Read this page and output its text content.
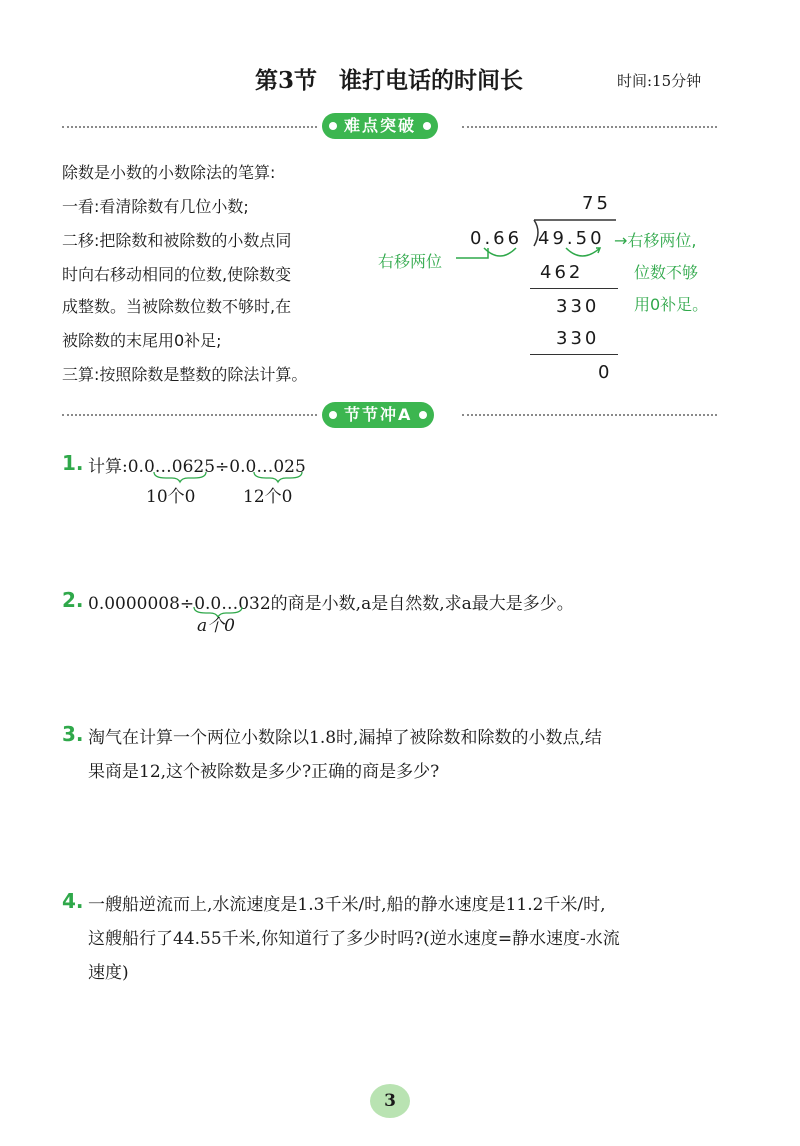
第3节 谁打电话的时间长	时间:15分钟
难点突破
除数是小数的小数除法的笔算:
一看:看清除数有几位小数;
二移:把除数和被除数的小数点同
时向右移动相同的位数,使除数变
成整数。当被除数位数不够时,在
被除数的末尾用0补足;
三算:按照除数是整数的除法计算。
75
0.66 49.50
右移两位
462
330
330
0
→右移两位,
位数不够
用0补足。
节节冲A
1. 计算:0.0…0625÷0.0…025
10个0	12个0
2. 0.0000008÷0.0…032的商是小数,a是自然数,求a最大是多少。
a个0
3. 淘气在计算一个两位小数除以1.8时,漏掉了被除数和除数的小数点,结
果商是12,这个被除数是多少?正确的商是多少?
4. 一艘船逆流而上,水流速度是1.3千米/时,船的静水速度是11.2千米/时,
这艘船行了44.55千米,你知道行了多少时吗?(逆水速度=静水速度-水流
速度)
3
